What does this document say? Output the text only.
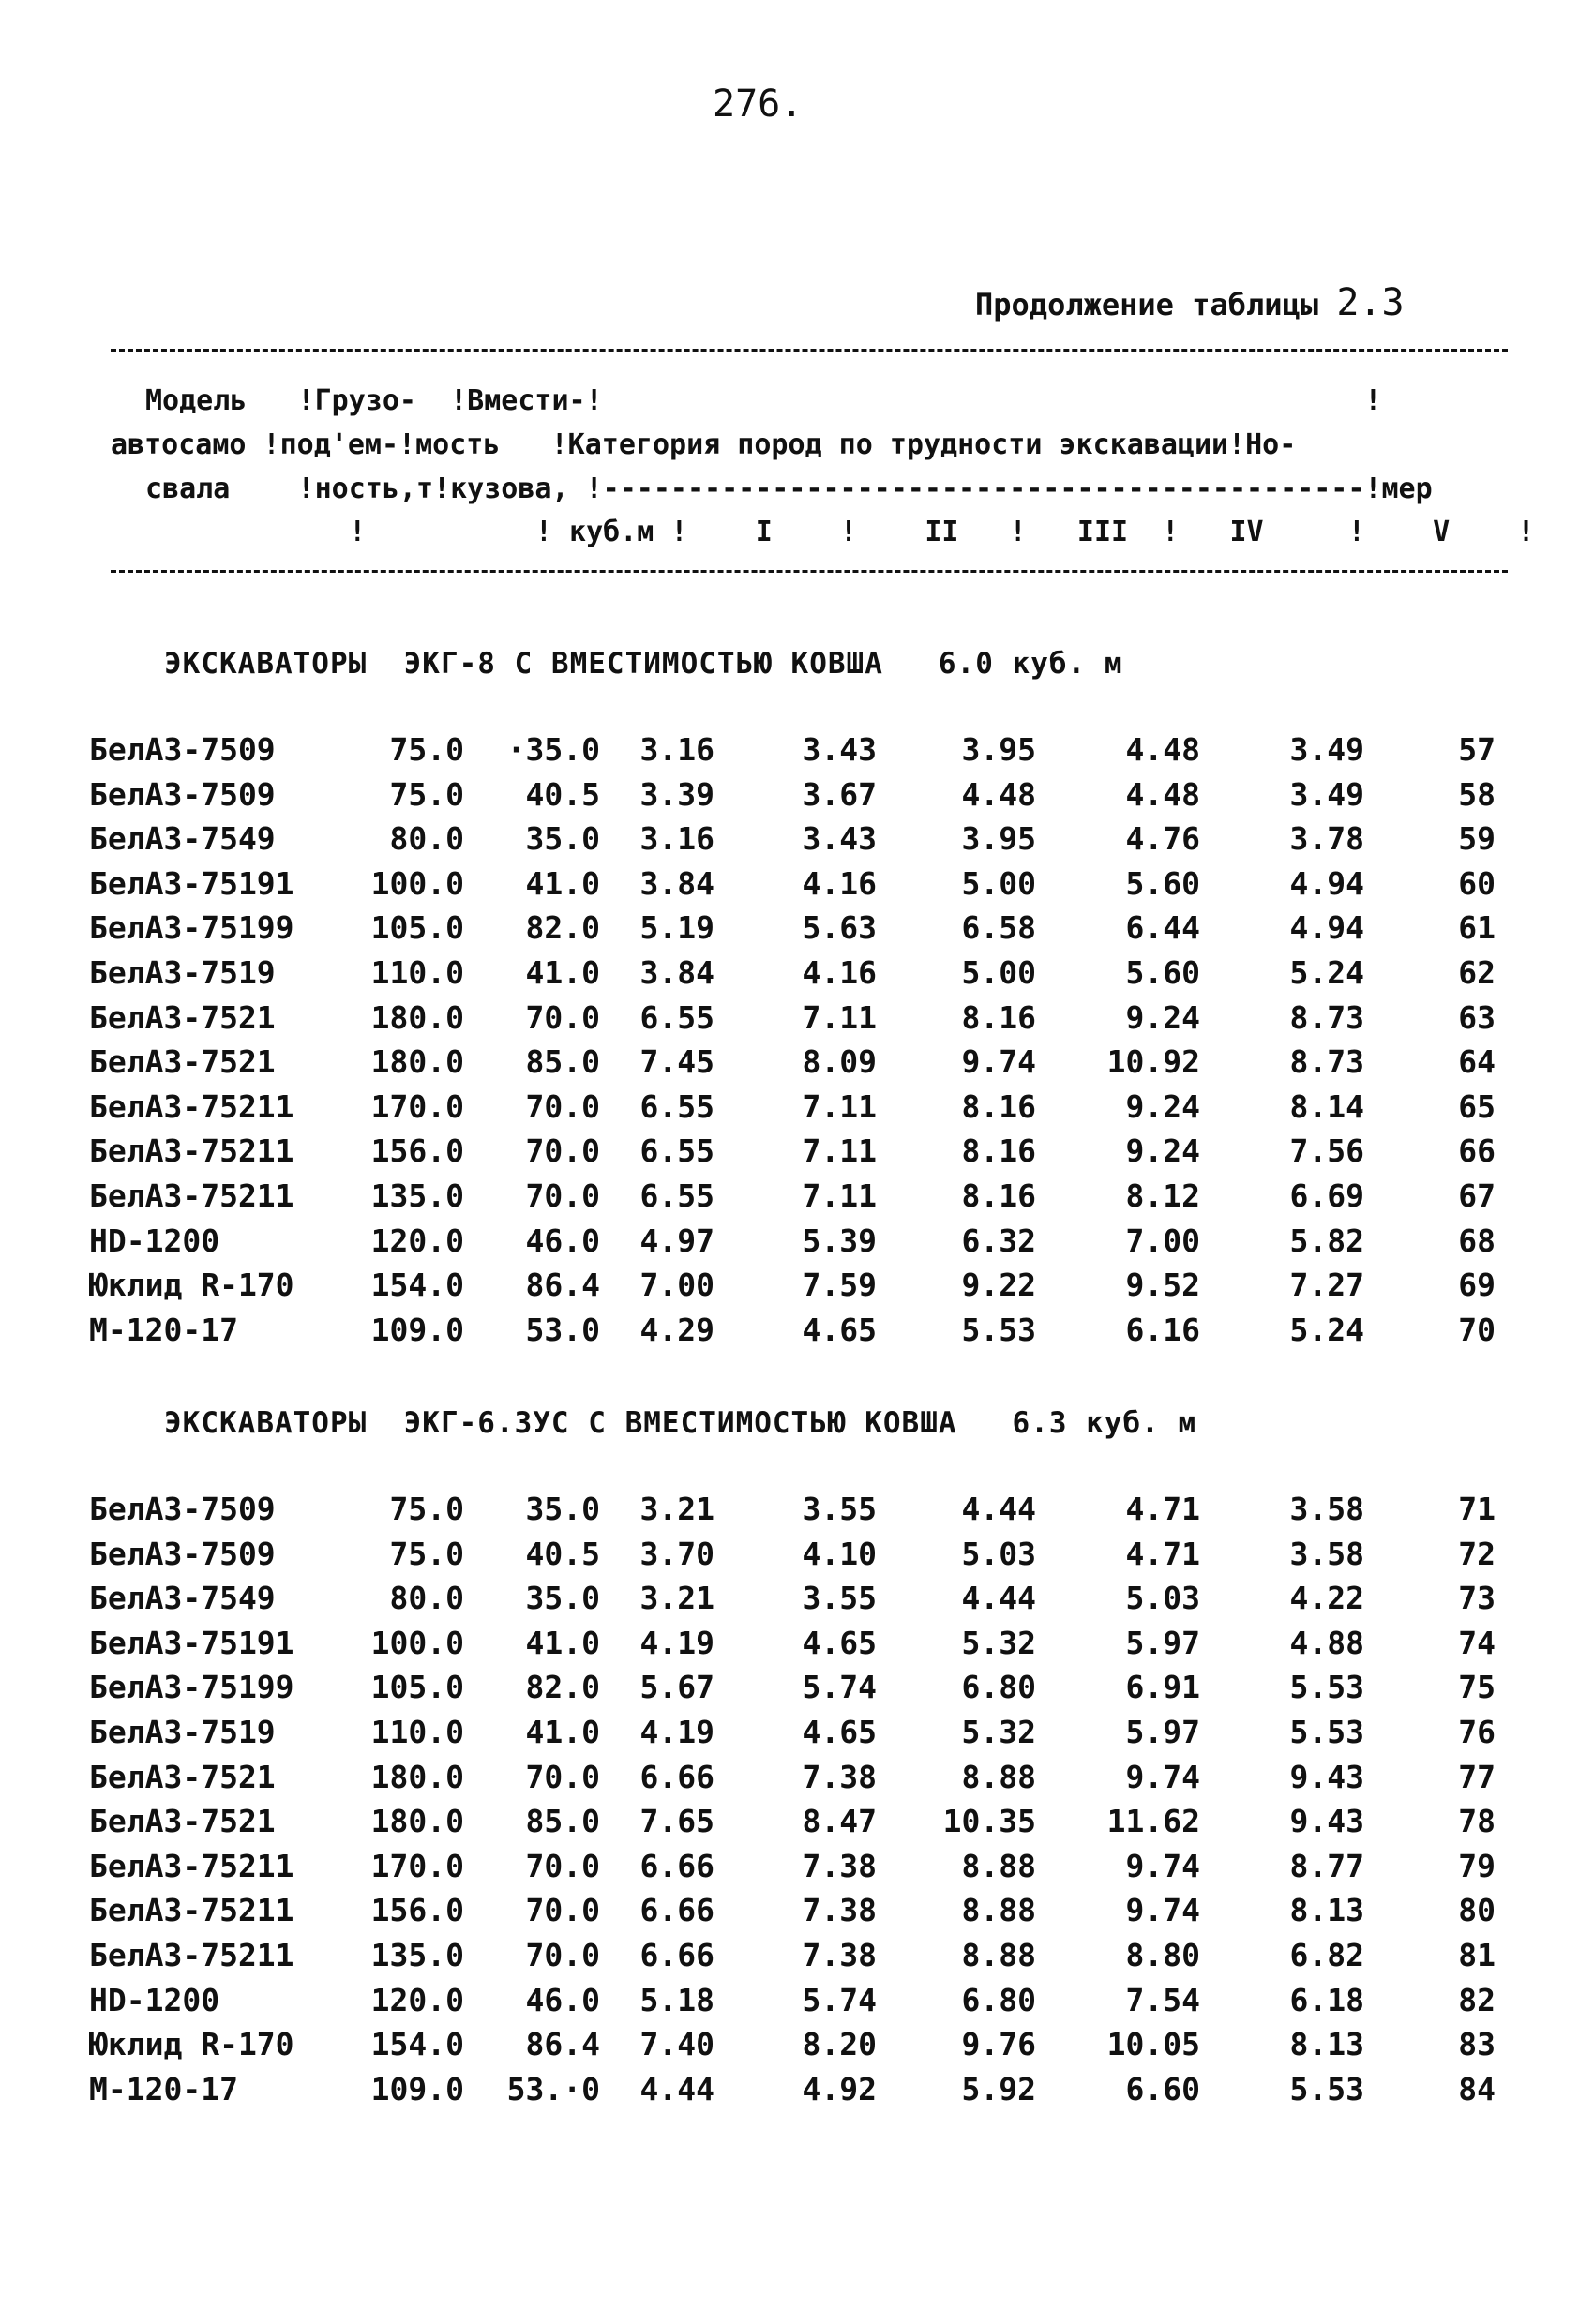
276.
Продолжение таблицы 2.3
Модель   !Грузо-  !Вмести-!                                             !
автосамо !под'ем-!мость   !Категория пород по трудности экскавации!Но-
свала    !ность,т!кузова, !---------------------------------------------!мер
!          ! куб.м !    I    !    II   !   III  !   IV     !    V    !
ЭКСКАВАТОРЫ  ЭКГ-8 С ВМЕСТИМОСТЬЮ КОВША   6.0 куб. м
БелАЗ-7509	75.0 ·35.0 3.16	3.43	3.95	4.48	3.49	57
БелАЗ-7509	75.0 40.5 3.39	3.67	4.48	4.48	3.49	58
БелАЗ-7549	80.0 35.0 3.16	3.43	3.95	4.76	3.78	59
БелАЗ-75191 100.0 41.0 3.84	4.16	5.00	5.60	4.94	60
БелАЗ-75199 105.0 82.0 5.19	5.63	6.58	6.44	4.94	61
БелАЗ-7519	110.0 41.0 3.84	4.16	5.00	5.60	5.24	62
БелАЗ-7521	180.0 70.0 6.55	7.11	8.16	9.24	8.73	63
БелАЗ-7521	180.0 85.0 7.45	8.09	9.74 10.92	8.73	64
БелАЗ-75211 170.0 70.0 6.55	7.11	8.16	9.24	8.14	65
БелАЗ-75211 156.0 70.0 6.55	7.11	8.16	9.24	7.56	66
БелАЗ-75211 135.0 70.0 6.55	7.11	8.16	8.12	6.69	67
HD-1200	120.0 46.0 4.97	5.39	6.32	7.00	5.82	68
Юклид R-170 154.0 86.4 7.00	7.59	9.22	9.52	7.27	69
М-120-17	109.0 53.0 4.29	4.65	5.53	6.16	5.24	70
ЭКСКАВАТОРЫ  ЭКГ-6.3УС С ВМЕСТИМОСТЬЮ КОВША   6.3 куб. м
БелАЗ-7509	75.0 35.0 3.21	3.55	4.44	4.71	3.58	71
БелАЗ-7509	75.0 40.5 3.70	4.10	5.03	4.71	3.58	72
БелАЗ-7549	80.0 35.0 3.21	3.55	4.44	5.03	4.22	73
БелАЗ-75191 100.0 41.0 4.19	4.65	5.32	5.97	4.88	74
БелАЗ-75199 105.0 82.0 5.67	5.74	6.80	6.91	5.53	75
БелАЗ-7519	110.0 41.0 4.19	4.65	5.32	5.97	5.53	76
БелАЗ-7521	180.0 70.0 6.66	7.38	8.88	9.74	9.43	77
БелАЗ-7521	180.0 85.0 7.65	8.47 10.35 11.62	9.43	78
БелАЗ-75211 170.0 70.0 6.66	7.38	8.88	9.74	8.77	79
БелАЗ-75211 156.0 70.0 6.66	7.38	8.88	9.74	8.13	80
БелАЗ-75211 135.0 70.0 6.66	7.38	8.88	8.80	6.82	81
HD-1200	120.0 46.0 5.18	5.74	6.80	7.54	6.18	82
Юклид R-170 154.0 86.4 7.40	8.20	9.76 10.05	8.13	83
М-120-17	109.0 53.·0 4.44	4.92	5.92	6.60	5.53	84
